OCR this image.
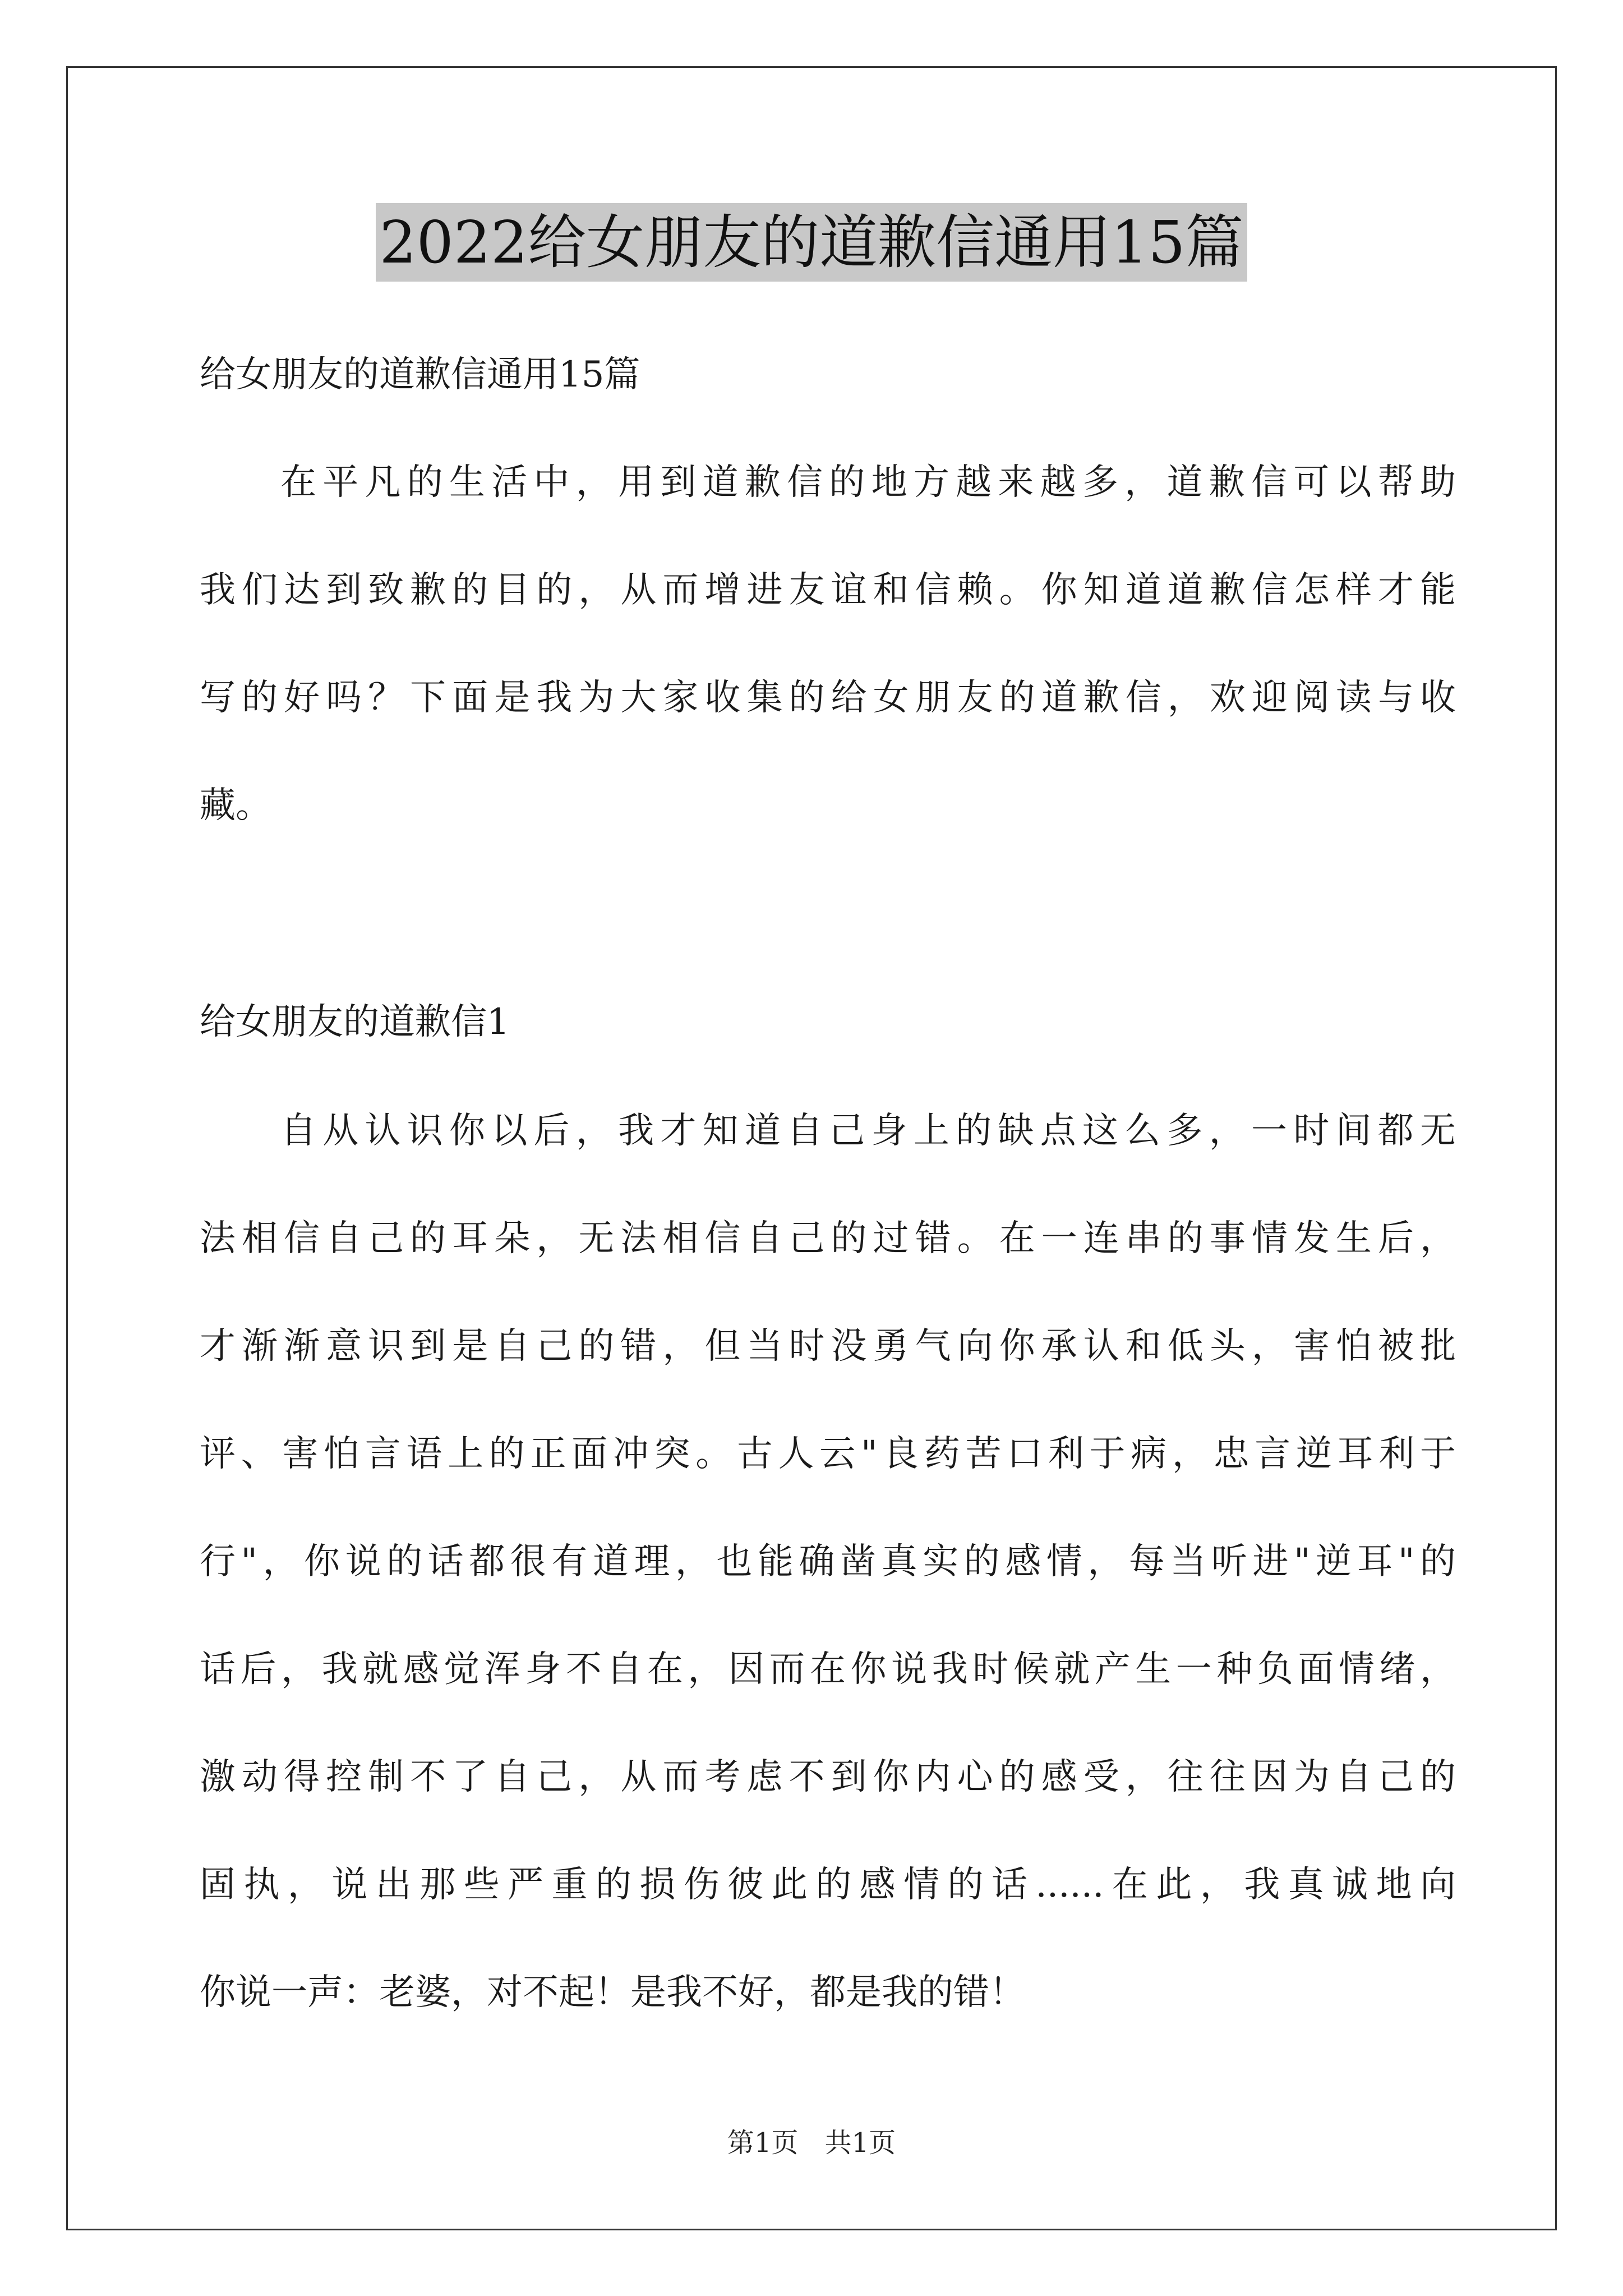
2022给女朋友的道歉信通用15篇
给女朋友的道歉信通用15篇
在平凡的生活中，用到道歉信的地方越来越多，道歉信可以帮助
我们达到致歉的目的，从而增进友谊和信赖。你知道道歉信怎样才能
写的好吗？下面是我为大家收集的给女朋友的道歉信，欢迎阅读与收
藏。
给女朋友的道歉信1
自从认识你以后，我才知道自己身上的缺点这么多，一时间都无
法相信自己的耳朵，无法相信自己的过错。在一连串的事情发生后，
才渐渐意识到是自己的错，但当时没勇气向你承认和低头，害怕被批
评、害怕言语上的正面冲突。古人云"良药苦口利于病，忠言逆耳利于
行"，你说的话都很有道理，也能确凿真实的感情，每当听进"逆耳"的
话后，我就感觉浑身不自在，因而在你说我时候就产生一种负面情绪，
激动得控制不了自己，从而考虑不到你内心的感受，往往因为自己的
固执，说出那些严重的损伤彼此的感情的话......在此，我真诚地向
你说一声：老婆，对不起！是我不好，都是我的错！
第1页 共1页
